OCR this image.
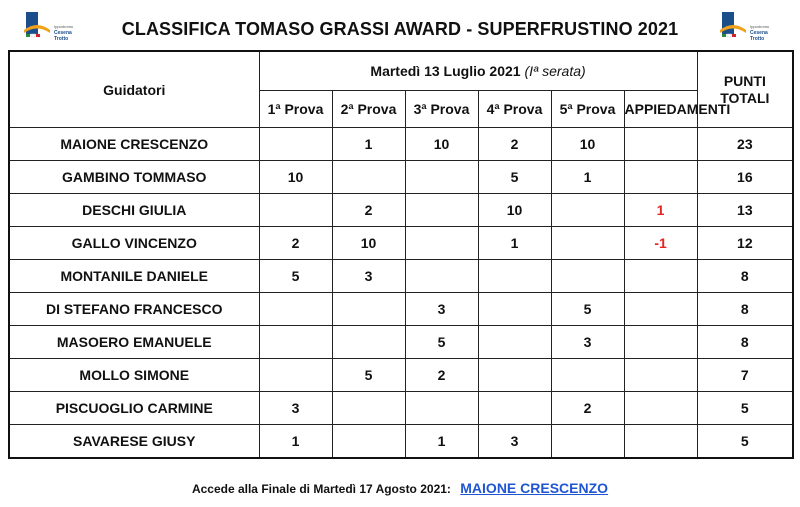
Ippodromo
Cesena
Trotto	CLASSIFICA TOMASO GRASSI AWARD - SUPERFRUSTINO 2021	Ippodromo
Cesena
Trotto
Guidatori	Martedì 13 Luglio 2021 (Iª serata)						PUNTI
TOTALI

	1ª Prova	2ª Prova	3ª Prova	4ª Prova	5ª Prova	APPIEDAMENTI	
MAIONE CRESCENZO		1	10	2	10		23
GAMBINO TOMMASO	10			5	1		16
DESCHI GIULIA		2		10		1	13
GALLO VINCENZO	2	10		1		-1	12
MONTANILE DANIELE	5	3					8
DI STEFANO FRANCESCO			3		5		8
MASOERO EMANUELE			5		3		8
MOLLO SIMONE		5	2				7
PISCUOGLIO CARMINE	3				2		5
SAVARESE GIUSY	1		1	3			5
Accede alla Finale di Martedì 17 Agosto 2021: MAIONE CRESCENZO
